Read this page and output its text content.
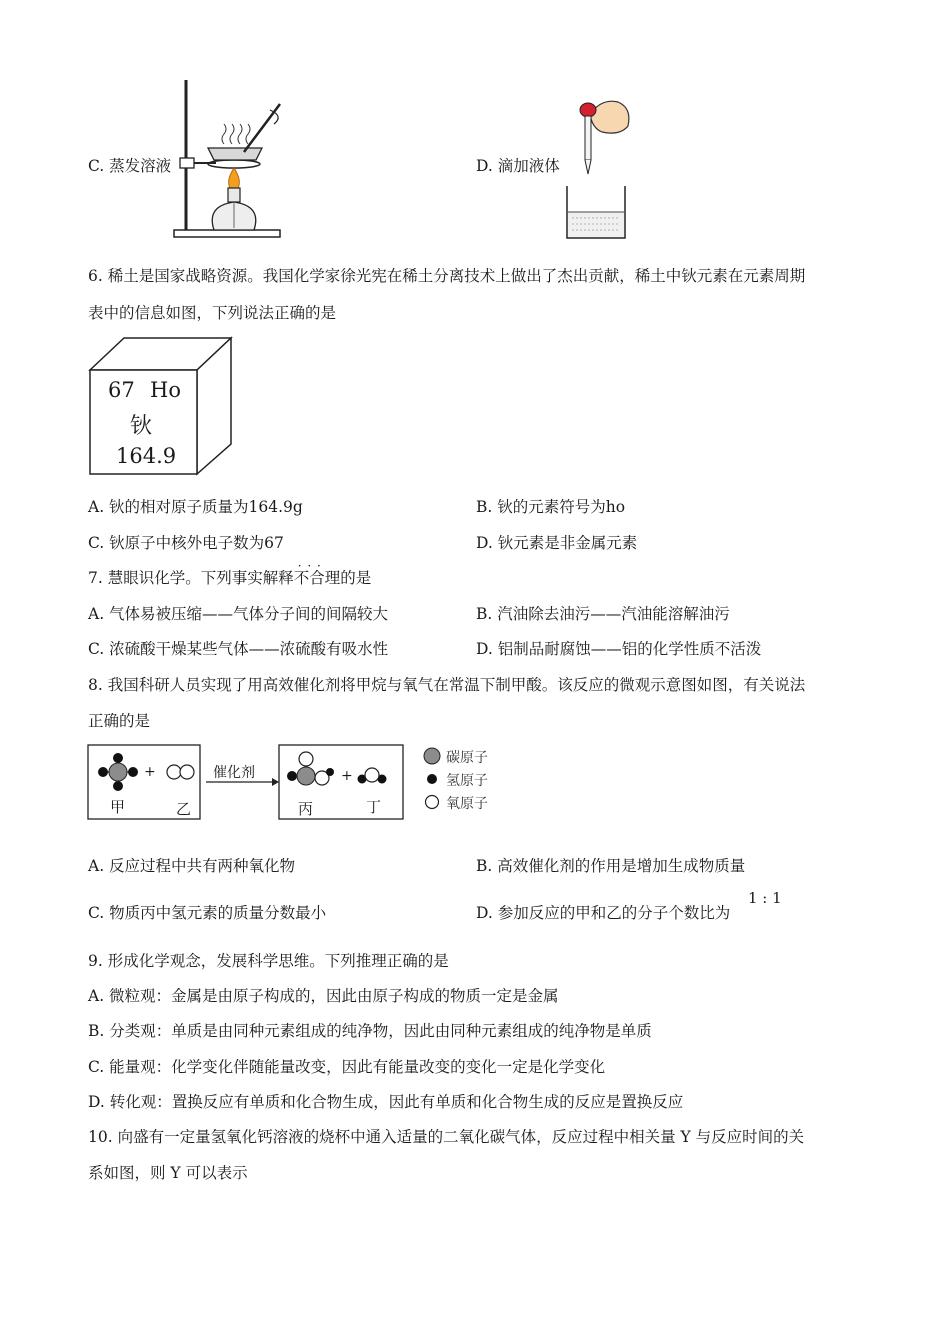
C. 蒸发溶液	D. 滴加液体
6. 稀土是国家战略资源。我国化学家徐光宪在稀土分离技术上做出了杰出贡献，稀土中钬元素在元素周期
表中的信息如图，下列说法正确的是
67 Ho
钬
164.9
A. 钬的相对原子质量为164.9g	B. 钬的元素符号为ho
C. 钬原子中核外电子数为67	D. 钬元素是非金属元素
7. 慧眼识化学。下列事实解释· · · 不合理的是
A. 气体易被压缩——气体分子间的间隔较大	B. 汽油除去油污——汽油能溶解油污
C. 浓硫酸干燥某些气体——浓硫酸有吸水性	D. 铝制品耐腐蚀——铝的化学性质不活泼
8. 我国科研人员实现了用高效催化剂将甲烷与氧气在常温下制甲酸。该反应的微观示意图如图，有关说法
正确的是
+
甲	乙
催化剂	+
丙	丁
碳原子
氢原子
氧原子
A. 反应过程中共有两种氧化物	B. 高效催化剂的作用是增加生成物质量
C. 物质丙中氢元素的质量分数最小	D. 参加反应的甲和乙的分子个数比为
1 : 1
9. 形成化学观念，发展科学思维。下列推理正确的是
A. 微粒观：金属是由原子构成的，因此由原子构成的物质一定是金属
B. 分类观：单质是由同种元素组成的纯净物，因此由同种元素组成的纯净物是单质
C. 能量观：化学变化伴随能量改变，因此有能量改变的变化一定是化学变化
D. 转化观：置换反应有单质和化合物生成，因此有单质和化合物生成的反应是置换反应
10. 向盛有一定量氢氧化钙溶液的烧杯中通入适量的二氧化碳气体，反应过程中相关量 Y 与反应时间的关
系如图，则 Y 可以表示
